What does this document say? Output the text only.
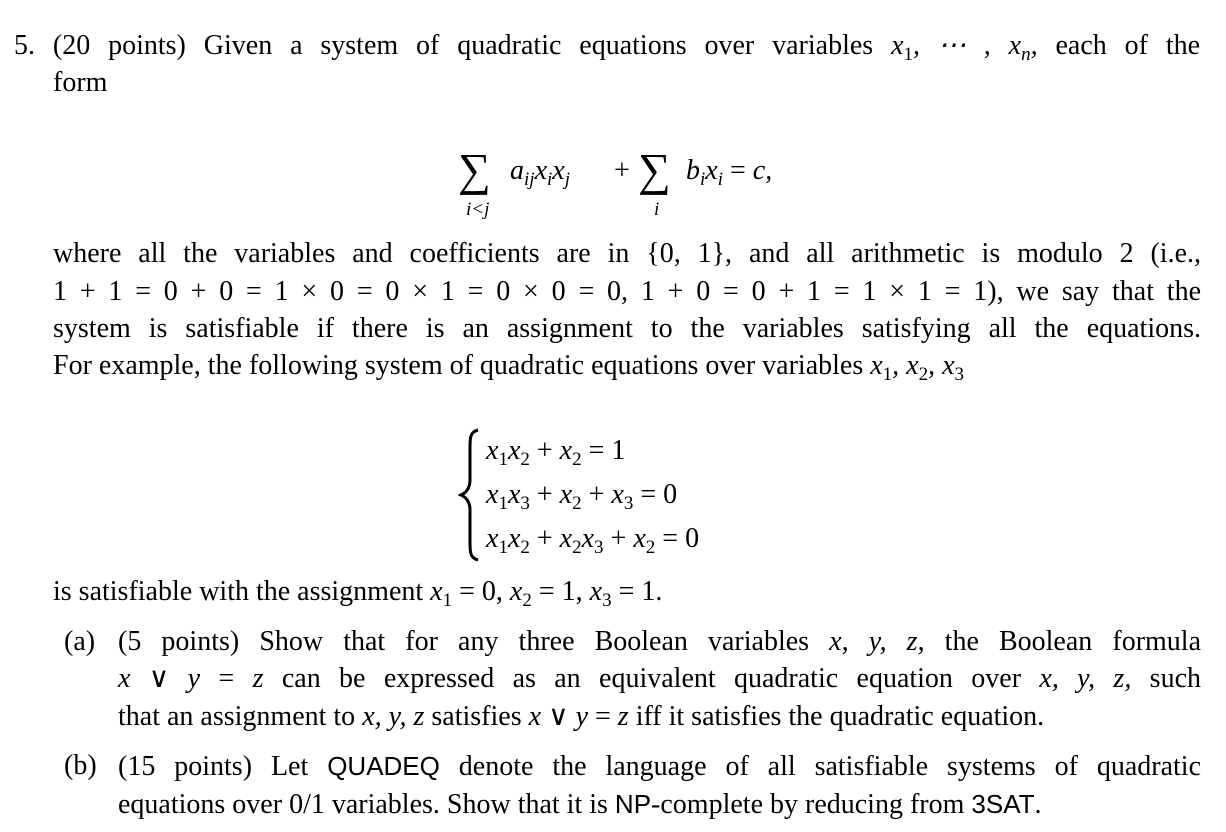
5. (20 points) Given a system of quadratic equations over variables $x_1$, ⋯ , $x_n$, each of the
form
∑
i<j
$a_{ij}x_ix_j$ + ∑
i
$b_ix_i = c$,
where all the variables and coefficients are in {0, 1}, and all arithmetic is modulo 2 (i.e.,
1 + 1 = 0 + 0 = 1 × 0 = 0 × 1 = 0 × 0 = 0, 1 + 0 = 0 + 1 = 1 × 1 = 1), we say that the
system is satisfiable if there is an assignment to the variables satisfying all the equations.
For example, the following system of quadratic equations over variables $x_1$, $x_2$, $x_3$
$x_1x_2 + x_2 = 1$
$x_1x_3 + x_2 + x_3 = 0$
$x_1x_2 + x_2x_3 + x_2 = 0$
is satisfiable with the assignment $x_1 = 0$, $x_2 = 1$, $x_3 = 1$.
(a) (5 points) Show that for any three Boolean variables x, y, z, the Boolean formula
x ∨ y = z can be expressed as an equivalent quadratic equation over x, y, z, such
that an assignment to x, y, z satisfies x ∨ y = z iff it satisfies the quadratic equation.
(b) (15 points) Let QUADEQ denote the language of all satisfiable systems of quadratic
equations over 0/1 variables. Show that it is NP-complete by reducing from 3SAT.
